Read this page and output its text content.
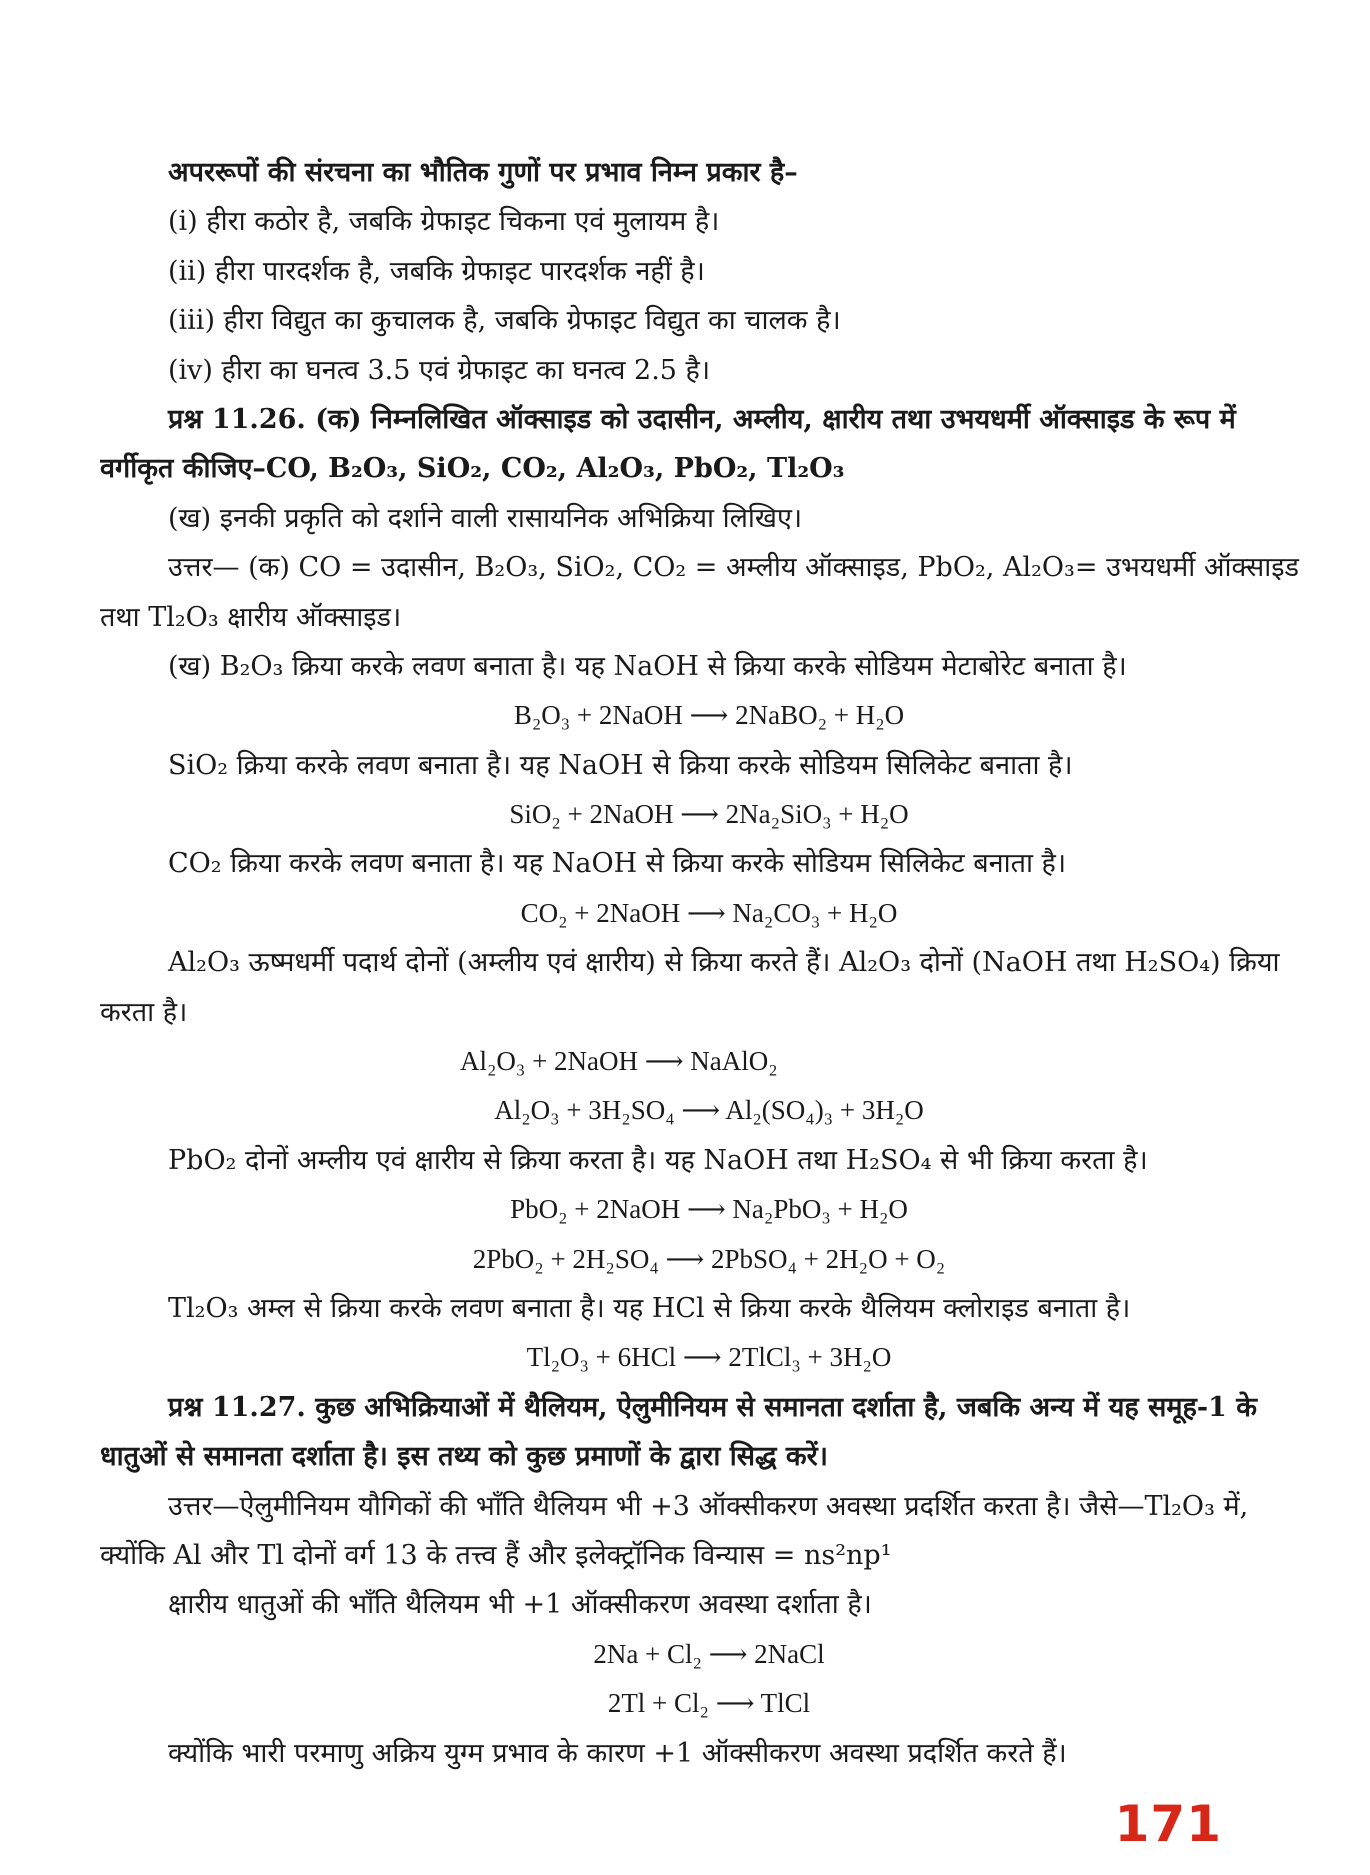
अपररूपों की संरचना का भौतिक गुणों पर प्रभाव निम्न प्रकार है–
(i) हीरा कठोर है, जबकि ग्रेफाइट चिकना एवं मुलायम है।
(ii) हीरा पारदर्शक है, जबकि ग्रेफाइट पारदर्शक नहीं है।
(iii) हीरा विद्युत का कुचालक है, जबकि ग्रेफाइट विद्युत का चालक है।
(iv) हीरा का घनत्व 3.5 एवं ग्रेफाइट का घनत्व 2.5 है।
प्रश्न 11.26. (क) निम्नलिखित ऑक्साइड को उदासीन, अम्लीय, क्षारीय तथा उभयधर्मी ऑक्साइड के रूप में
वर्गीकृत कीजिए–CO, B₂O₃, SiO₂, CO₂, Al₂O₃, PbO₂, Tl₂O₃
(ख) इनकी प्रकृति को दर्शाने वाली रासायनिक अभिक्रिया लिखिए।
उत्तर— (क) CO = उदासीन, B₂O₃, SiO₂, CO₂ = अम्लीय ऑक्साइड, PbO₂, Al₂O₃= उभयधर्मी ऑक्साइड
तथा Tl₂O₃ क्षारीय ऑक्साइड।
(ख) B₂O₃ क्रिया करके लवण बनाता है। यह NaOH से क्रिया करके सोडियम मेटाबोरेट बनाता है।
B₂O₃ + 2NaOH ⟶ 2NaBO₂ + H₂O
SiO₂ क्रिया करके लवण बनाता है। यह NaOH से क्रिया करके सोडियम सिलिकेट बनाता है।
SiO₂ + 2NaOH ⟶ 2Na₂SiO₃ + H₂O
CO₂ क्रिया करके लवण बनाता है। यह NaOH से क्रिया करके सोडियम सिलिकेट बनाता है।
CO₂ + 2NaOH ⟶ Na₂CO₃ + H₂O
Al₂O₃ ऊष्मधर्मी पदार्थ दोनों (अम्लीय एवं क्षारीय) से क्रिया करते हैं। Al₂O₃ दोनों (NaOH तथा H₂SO₄) क्रिया
करता है।
Al₂O₃ + 2NaOH ⟶ NaAlO₂
Al₂O₃ + 3H₂SO₄ ⟶ Al₂(SO₄)₃ + 3H₂O
PbO₂ दोनों अम्लीय एवं क्षारीय से क्रिया करता है। यह NaOH तथा H₂SO₄ से भी क्रिया करता है।
PbO₂ + 2NaOH ⟶ Na₂PbO₃ + H₂O
2PbO₂ + 2H₂SO₄ ⟶ 2PbSO₄ + 2H₂O + O₂
Tl₂O₃ अम्ल से क्रिया करके लवण बनाता है। यह HCl से क्रिया करके थैलियम क्लोराइड बनाता है।
Tl₂O₃ + 6HCl ⟶ 2TlCl₃ + 3H₂O
प्रश्न 11.27. कुछ अभिक्रियाओं में थैलियम, ऐलुमीनियम से समानता दर्शाता है, जबकि अन्य में यह समूह-1 के
धातुओं से समानता दर्शाता है। इस तथ्य को कुछ प्रमाणों के द्वारा सिद्ध करें।
उत्तर—ऐलुमीनियम यौगिकों की भाँति थैलियम भी +3 ऑक्सीकरण अवस्था प्रदर्शित करता है। जैसे—Tl₂O₃ में,
क्योंकि Al और Tl दोनों वर्ग 13 के तत्त्व हैं और इलेक्ट्रॉनिक विन्यास = ns²np¹
क्षारीय धातुओं की भाँति थैलियम भी +1 ऑक्सीकरण अवस्था दर्शाता है।
2Na + Cl₂ ⟶ 2NaCl
2Tl + Cl₂ ⟶ TlCl
क्योंकि भारी परमाणु अक्रिय युग्म प्रभाव के कारण +1 ऑक्सीकरण अवस्था प्रदर्शित करते हैं।
171
